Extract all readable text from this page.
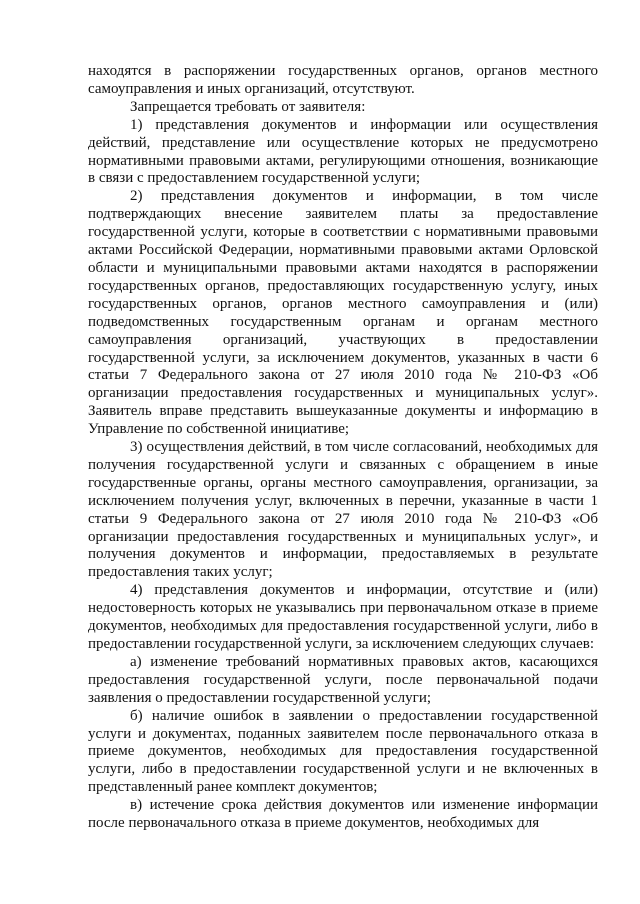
находятся в распоряжении государственных органов, органов местного самоуправления и иных организаций, отсутствуют.

Запрещается требовать от заявителя:

1) представления документов и информации или осуществления действий, представление или осуществление которых не предусмотрено нормативными правовыми актами, регулирующими отношения, возникающие в связи с предоставлением государственной услуги;

2) представления документов и информации, в том числе подтверждающих внесение заявителем платы за предоставление государственной услуги, которые в соответствии с нормативными правовыми актами Российской Федерации, нормативными правовыми актами Орловской области и муниципальными правовыми актами находятся в распоряжении государственных органов, предоставляющих государственную услугу, иных государственных органов, органов местного самоуправления и (или) подведомственных государственным органам и органам местного самоуправления организаций, участвующих в предоставлении государственной услуги, за исключением документов, указанных в части 6 статьи 7 Федерального закона от 27 июля 2010 года № 210-ФЗ «Об организации предоставления государственных и муниципальных услуг». Заявитель вправе представить вышеуказанные документы и информацию в Управление по собственной инициативе;

3) осуществления действий, в том числе согласований, необходимых для получения государственной услуги и связанных с обращением в иные государственные органы, органы местного самоуправления, организации, за исключением получения услуг, включенных в перечни, указанные в части 1 статьи 9 Федерального закона от 27 июля 2010 года № 210-ФЗ «Об организации предоставления государственных и муниципальных услуг», и получения документов и информации, предоставляемых в результате предоставления таких услуг;

4) представления документов и информации, отсутствие и (или) недостоверность которых не указывались при первоначальном отказе в приеме документов, необходимых для предоставления государственной услуги, либо в предоставлении государственной услуги, за исключением следующих случаев:

а) изменение требований нормативных правовых актов, касающихся предоставления государственной услуги, после первоначальной подачи заявления о предоставлении государственной услуги;

б) наличие ошибок в заявлении о предоставлении государственной услуги и документах, поданных заявителем после первоначального отказа в приеме документов, необходимых для предоставления государственной услуги, либо в предоставлении государственной услуги и не включенных в представленный ранее комплект документов;

в) истечение срока действия документов или изменение информации после первоначального отказа в приеме документов, необходимых для
